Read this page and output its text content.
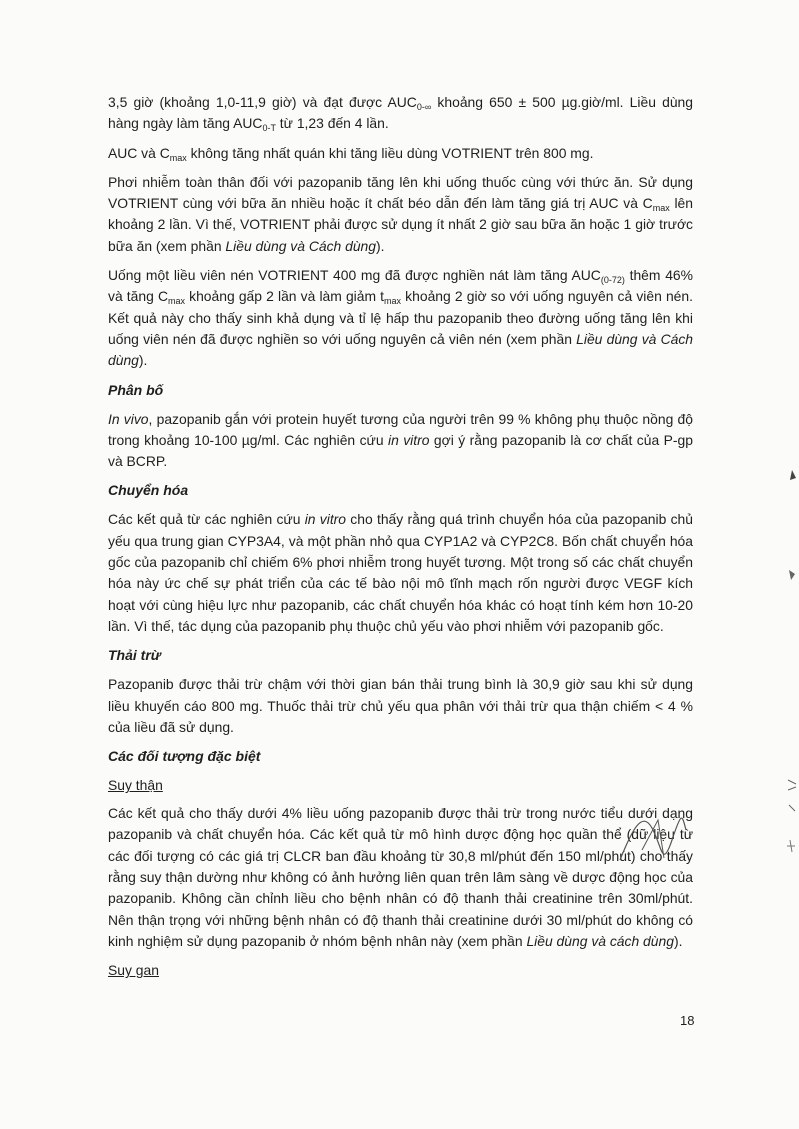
3,5 giờ (khoảng 1,0-11,9 giờ) và đạt được $AUC_{0-\infty}$ khoảng 650 ± 500 µg.giờ/ml. Liều dùng hàng ngày làm tăng $AUC_{0-T}$ từ 1,23 đến 4 lần.

AUC và $C_{max}$ không tăng nhất quán khi tăng liều dùng VOTRIENT trên 800 mg.

Phơi nhiễm toàn thân đối với pazopanib tăng lên khi uống thuốc cùng với thức ăn. Sử dụng VOTRIENT cùng với bữa ăn nhiều hoặc ít chất béo dẫn đến làm tăng giá trị AUC và $C_{max}$ lên khoảng 2 lần. Vì thế, VOTRIENT phải được sử dụng ít nhất 2 giờ sau bữa ăn hoặc 1 giờ trước bữa ăn (xem phần Liều dùng và Cách dùng).

Uống một liều viên nén VOTRIENT 400 mg đã được nghiền nát làm tăng $AUC_{(0-72)}$ thêm 46% và tăng $C_{max}$ khoảng gấp 2 lần và làm giảm $t_{max}$ khoảng 2 giờ so với uống nguyên cả viên nén. Kết quả này cho thấy sinh khả dụng và tỉ lệ hấp thu pazopanib theo đường uống tăng lên khi uống viên nén đã được nghiền so với uống nguyên cả viên nén (xem phần Liều dùng và Cách dùng).

Phân bố

In vivo, pazopanib gắn với protein huyết tương của người trên 99 % không phụ thuộc nồng độ trong khoảng 10-100 µg/ml. Các nghiên cứu in vitro gợi ý rằng pazopanib là cơ chất của P-gp và BCRP.

Chuyển hóa

Các kết quả từ các nghiên cứu in vitro cho thấy rằng quá trình chuyển hóa của pazopanib chủ yếu qua trung gian CYP3A4, và một phần nhỏ qua CYP1A2 và CYP2C8. Bốn chất chuyển hóa gốc của pazopanib chỉ chiếm 6% phơi nhiễm trong huyết tương. Một trong số các chất chuyển hóa này ức chế sự phát triển của các tế bào nội mô tĩnh mạch rốn người được VEGF kích hoạt với cùng hiệu lực như pazopanib, các chất chuyển hóa khác có hoạt tính kém hơn 10-20 lần. Vì thế, tác dụng của pazopanib phụ thuộc chủ yếu vào phơi nhiễm với pazopanib gốc.

Thải trừ

Pazopanib được thải trừ chậm với thời gian bán thải trung bình là 30,9 giờ sau khi sử dụng liều khuyến cáo 800 mg. Thuốc thải trừ chủ yếu qua phân với thải trừ qua thận chiếm < 4 % của liều đã sử dụng.

Các đối tượng đặc biệt
Suy thận

Các kết quả cho thấy dưới 4% liều uống pazopanib được thải trừ trong nước tiểu dưới dạng pazopanib và chất chuyển hóa. Các kết quả từ mô hình dược động học quần thể (dữ liệu từ các đối tượng có các giá trị CLCR ban đầu khoảng từ 30,8 ml/phút đến 150 ml/phút) cho thấy rằng suy thận dường như không có ảnh hưởng liên quan trên lâm sàng về dược động học của pazopanib. Không cần chỉnh liều cho bệnh nhân có độ thanh thải creatinine trên 30ml/phút. Nên thận trọng với những bệnh nhân có độ thanh thải creatinine dưới 30 ml/phút do không có kinh nghiệm sử dụng pazopanib ở nhóm bệnh nhân này (xem phần Liều dùng và cách dùng).

Suy gan
18
